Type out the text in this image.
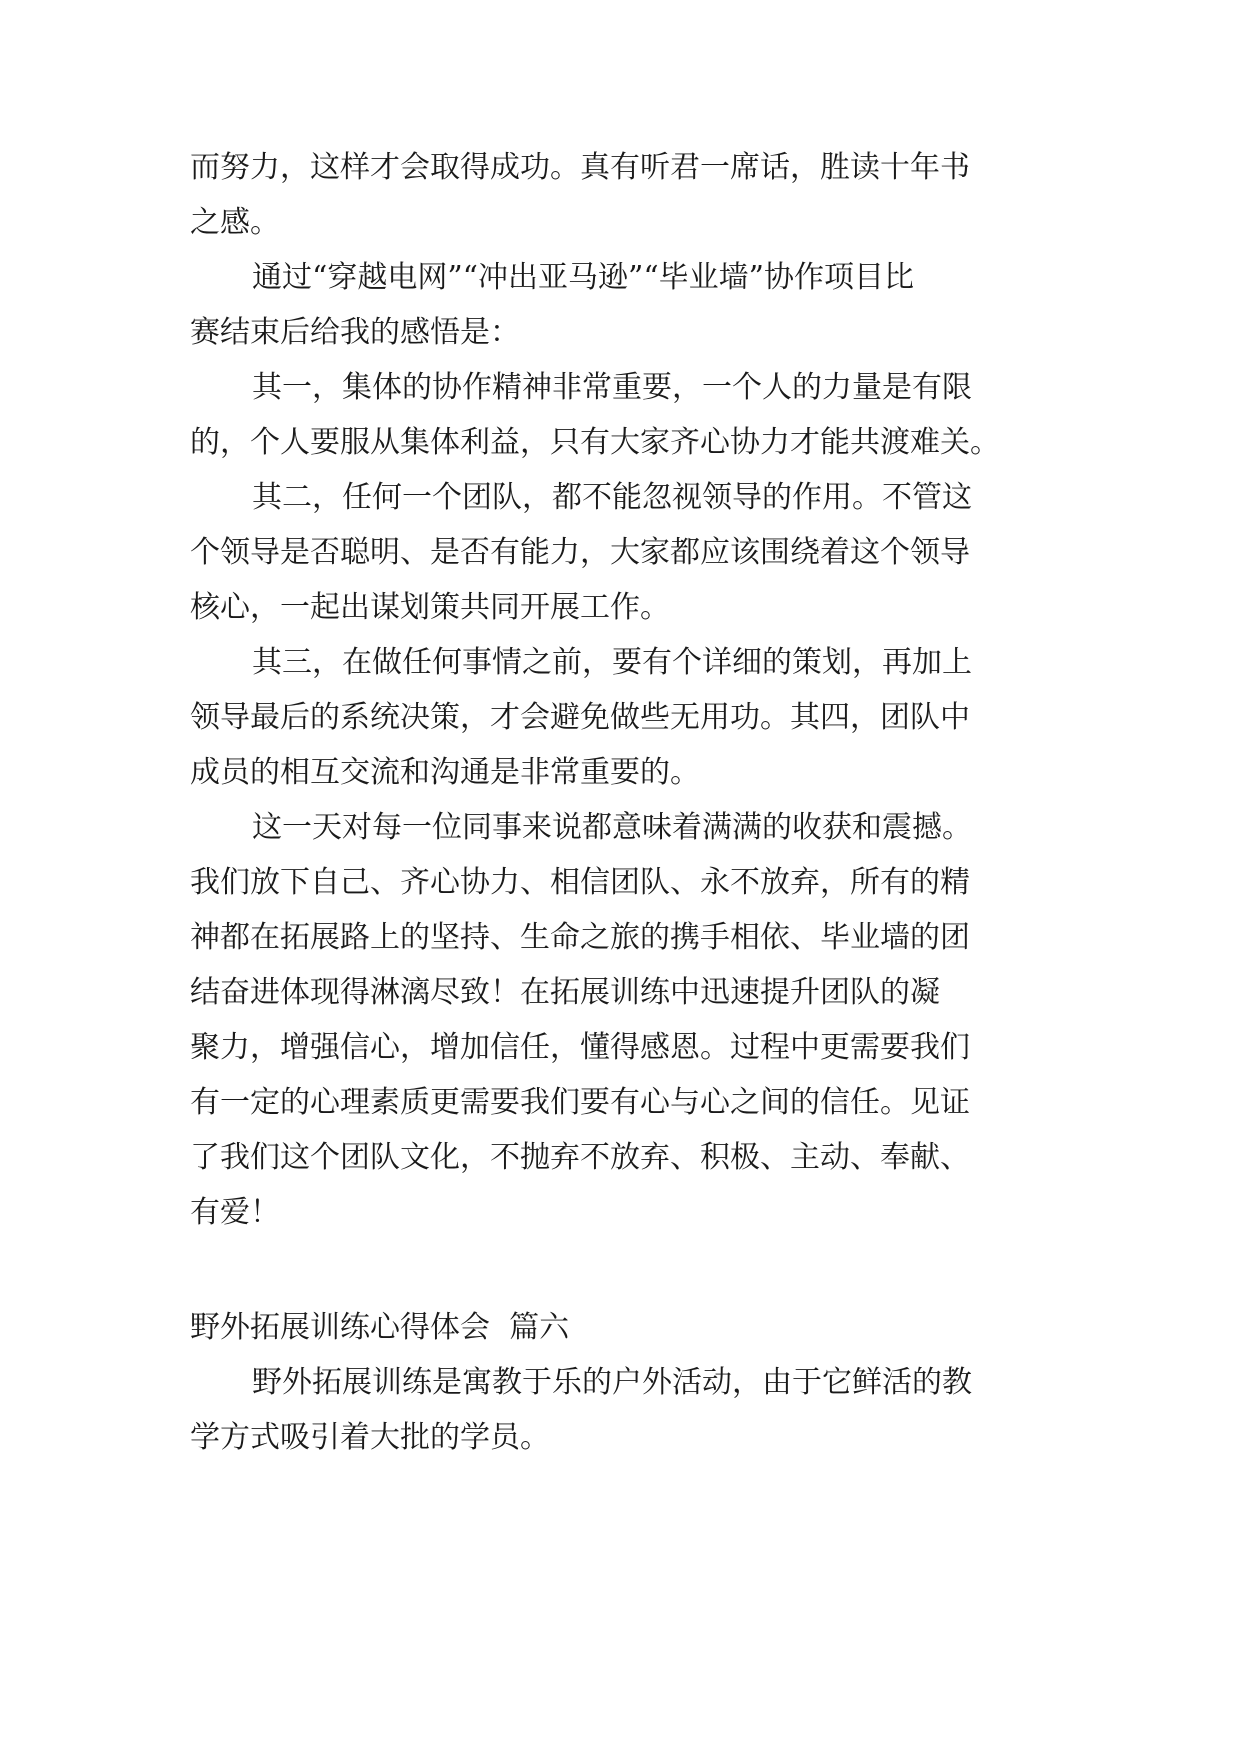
而努力，这样才会取得成功。真有听君一席话，胜读十年书
之感。

通过“穿越电网”“冲出亚马逊”“毕业墙”协作项目比
赛结束后给我的感悟是：

其一，集体的协作精神非常重要，一个人的力量是有限
的，个人要服从集体利益，只有大家齐心协力才能共渡难关。

其二，任何一个团队，都不能忽视领导的作用。不管这
个领导是否聪明、是否有能力，大家都应该围绕着这个领导
核心，一起出谋划策共同开展工作。

其三，在做任何事情之前，要有个详细的策划，再加上
领导最后的系统决策，才会避免做些无用功。其四，团队中
成员的相互交流和沟通是非常重要的。

这一天对每一位同事来说都意味着满满的收获和震撼。
我们放下自己、齐心协力、相信团队、永不放弃，所有的精
神都在拓展路上的坚持、生命之旅的携手相依、毕业墙的团
结奋进体现得淋漓尽致！在拓展训练中迅速提升团队的凝
聚力，增强信心，增加信任，懂得感恩。过程中更需要我们
有一定的心理素质更需要我们要有心与心之间的信任。见证
了我们这个团队文化，不抛弃不放弃、积极、主动、奉献、
有爱！

野外拓展训练心得体会  篇六

野外拓展训练是寓教于乐的户外活动，由于它鲜活的教
学方式吸引着大批的学员。
